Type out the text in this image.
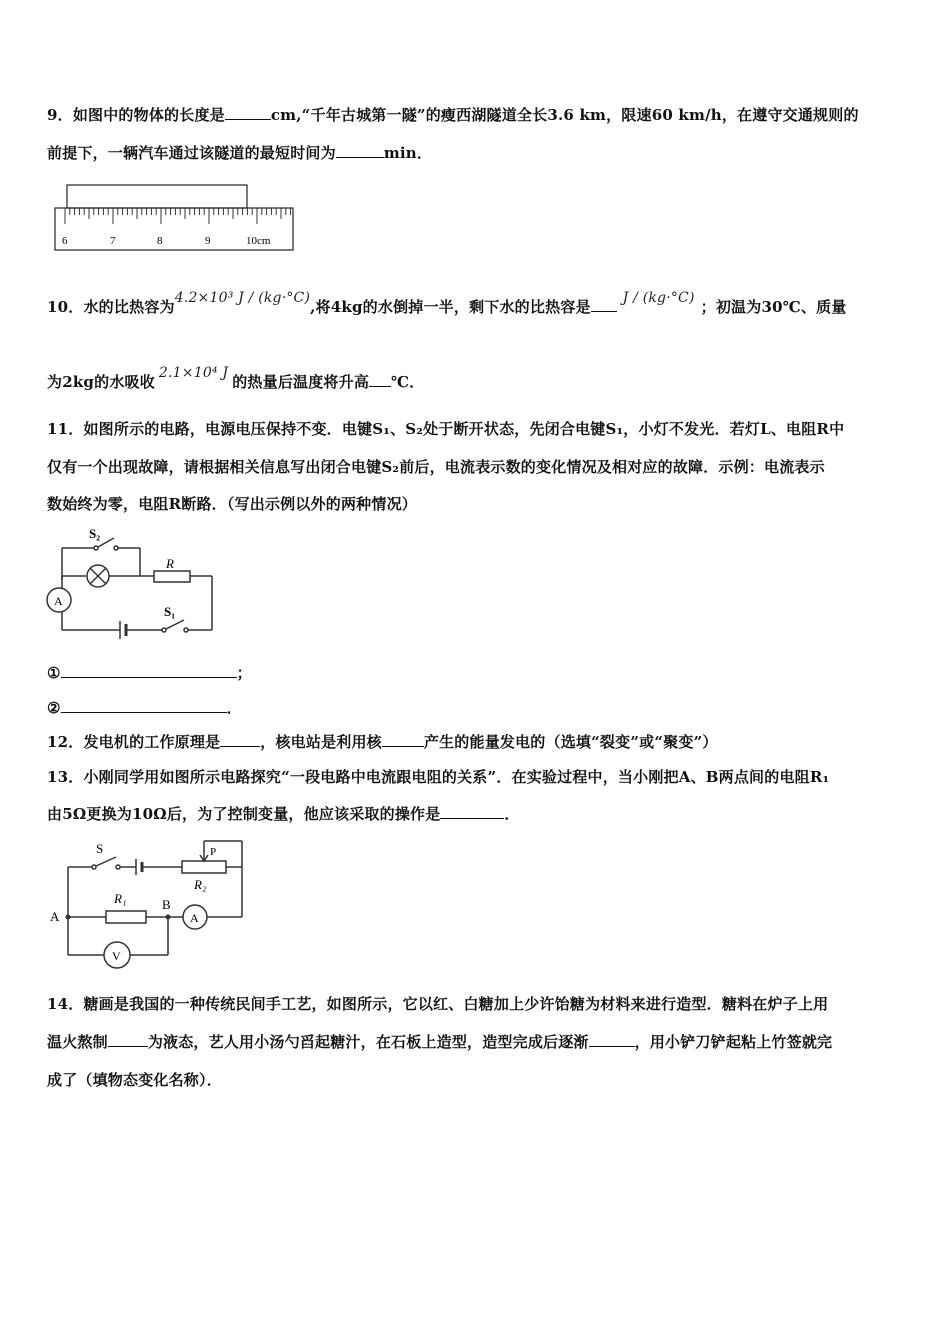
9．如图中的物体的长度是	cm,“千年古城第一隧”的瘦西湖隧道全长3.6 km，限速60 km/h，在遵守交通规则的
前提下，一辆汽车通过该隧道的最短时间为	min．
6	7	8	9	10cm
10．水的比热容为4.2×10³ J / (kg·°C),将4kg的水倒掉一半，剩下水的比热容是 J / (kg·°C) ；初温为30℃、质量
为2kg的水吸收 2.1×10⁴ J 的热量后温度将升高 ℃．
11．如图所示的电路，电源电压保持不变．电键S₁、S₂处于断开状态，先闭合电键S₁，小灯不发光．若灯L、电阻R中
仅有一个出现故障，请根据相关信息写出闭合电键S₂前后，电流表示数的变化情况及相对应的故障．示例：电流表示
数始终为零，电阻R断路．（写出示例以外的两种情况）
S₂
R
A
S₁
①	；
②	．
12．发电机的工作原理是	，核电站是利用核	产生的能量发电的（选填“裂变”或“聚变”）
13．小刚同学用如图所示电路探究“一段电路中电流跟电阻的关系”．在实验过程中，当小刚把A、B两点间的电阻R₁
由5Ω更换为10Ω后，为了控制变量，他应该采取的操作是	．
S	P
R₂
R₁
A
B
A
V
14．糖画是我国的一种传统民间手工艺，如图所示，它以红、白糖加上少许饴糖为材料来进行造型．糖料在炉子上用
温火熬制	为液态，艺人用小汤勺舀起糖汁，在石板上造型，造型完成后逐渐	，用小铲刀铲起粘上竹签就完
成了（填物态变化名称）．
